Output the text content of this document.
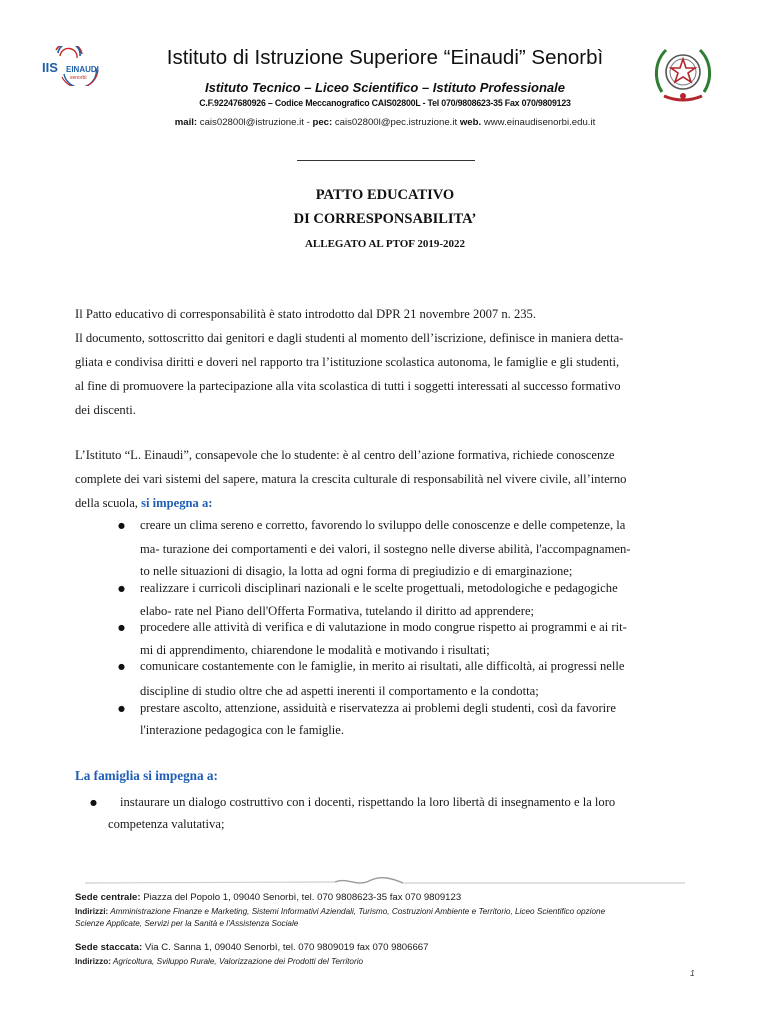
IIS EINAUDI
senorbì
Istituto di Istruzione Superiore “Einaudi” Senorbì
Istituto Tecnico – Liceo Scientifico – Istituto Professionale
C.F.92247680926 – Codice Meccanografico CAIS02800L - Tel 070/9808623-35 Fax 070/9809123
mail: cais02800l@istruzione.it - pec: cais02800l@pec.istruzione.it web. www.einaudisenorbi.edu.it
PATTO EDUCATIVO
DI CORRESPONSABILITA’
ALLEGATO AL PTOF 2019-2022
Il Patto educativo di corresponsabilità è stato introdotto dal DPR 21 novembre 2007 n. 235.
Il documento, sottoscritto dai genitori e dagli studenti al momento dell’iscrizione, definisce in maniera detta-
gliata e condivisa diritti e doveri nel rapporto tra l’istituzione scolastica autonoma, le famiglie e gli studenti,
al fine di promuovere la partecipazione alla vita scolastica di tutti i soggetti interessati al successo formativo
dei discenti.
L’Istituto “L. Einaudi”, consapevole che lo studente: è al centro dell’azione formativa, richiede conoscenze
complete dei vari sistemi del sapere, matura la crescita culturale di responsabilità nel vivere civile, all’interno
della scuola, si impegna a:
● creare un clima sereno e corretto, favorendo lo sviluppo delle conoscenze e delle competenze, la
ma- turazione dei comportamenti e dei valori, il sostegno nelle diverse abilità, l'accompagnamen-
to nelle situazioni di disagio, la lotta ad ogni forma di pregiudizio e di emarginazione;
● realizzare i curricoli disciplinari nazionali e le scelte progettuali, metodologiche e pedagogiche
elabo- rate nel Piano dell'Offerta Formativa, tutelando il diritto ad apprendere;
● procedere alle attività di verifica e di valutazione in modo congrue rispetto ai programmi e ai rit-
mi di apprendimento, chiarendone le modalità e motivando i risultati;
● comunicare costantemente con le famiglie, in merito ai risultati, alle difficoltà, ai progressi nelle
discipline di studio oltre che ad aspetti inerenti il comportamento e la condotta;
● prestare ascolto, attenzione, assiduità e riservatezza ai problemi degli studenti, così da favorire
l'interazione pedagogica con le famiglie.
La famiglia si impegna a:
● instaurare un dialogo costruttivo con i docenti, rispettando la loro libertà di insegnamento e la loro
competenza valutativa;
Sede centrale: Piazza del Popolo 1, 09040 Senorbì, tel. 070 9808623-35 fax 070 9809123
Indirizzi: Amministrazione Finanze e Marketing, Sistemi Informativi Aziendali, Turismo, Costruzioni Ambiente e Territorio, Liceo Scientifico opzione
Scienze Applicate, Servizi per la Sanità e l'Assistenza Sociale
Sede staccata: Via C. Sanna 1, 09040 Senorbì, tel. 070 9809019 fax 070 9806667
Indirizzo: Agricoltura, Sviluppo Rurale, Valorizzazione dei Prodotti del Territorio
1
